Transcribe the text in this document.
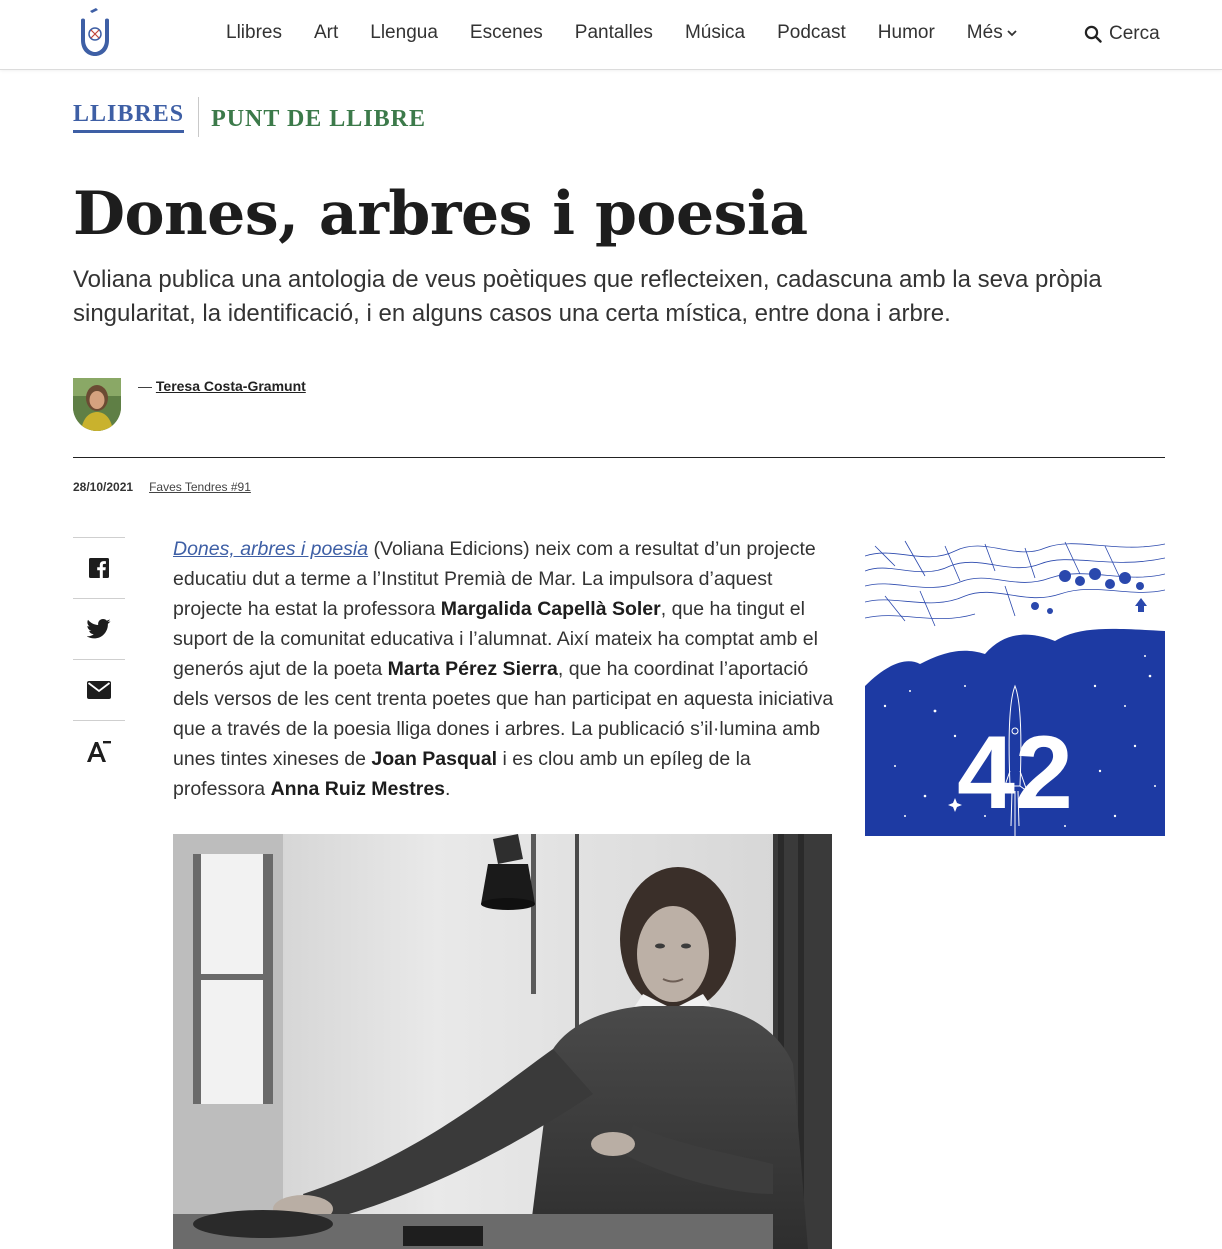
Llibres Art Llengua Escenes Pantalles Música Podcast Humor Més	Cerca
LLIBRES PUNT DE LLIBRE
Dones, arbres i poesia

Voliana publica una antologia de veus poètiques que reflecteixen, cadascuna amb la seva pròpia singularitat, la identificació, i en alguns casos una certa mística, entre dona i arbre.

— Teresa Costa-Gramunt
28/10/2021 Faves Tendres #91
Dones, arbres i poesia (Voliana Edicions) neix com a resultat d’un projecte educatiu dut a terme a l’Institut Premià de Mar. La impulsora d’aquest projecte ha estat la professora Margalida Capellà Soler, que ha tingut el suport de la comunitat educativa i l’alumnat. Així mateix ha comptat amb el generós ajut de la poeta Marta Pérez Sierra, que ha coordinat l’aportació dels versos de les cent trenta poetes que han participat en aquesta iniciativa que a través de la poesia lliga dones i arbres. La publicació s’il·lumina amb unes tintes xineses de Joan Pasqual i es clou amb un epíleg de la professora Anna Ruiz Mestres.	42
